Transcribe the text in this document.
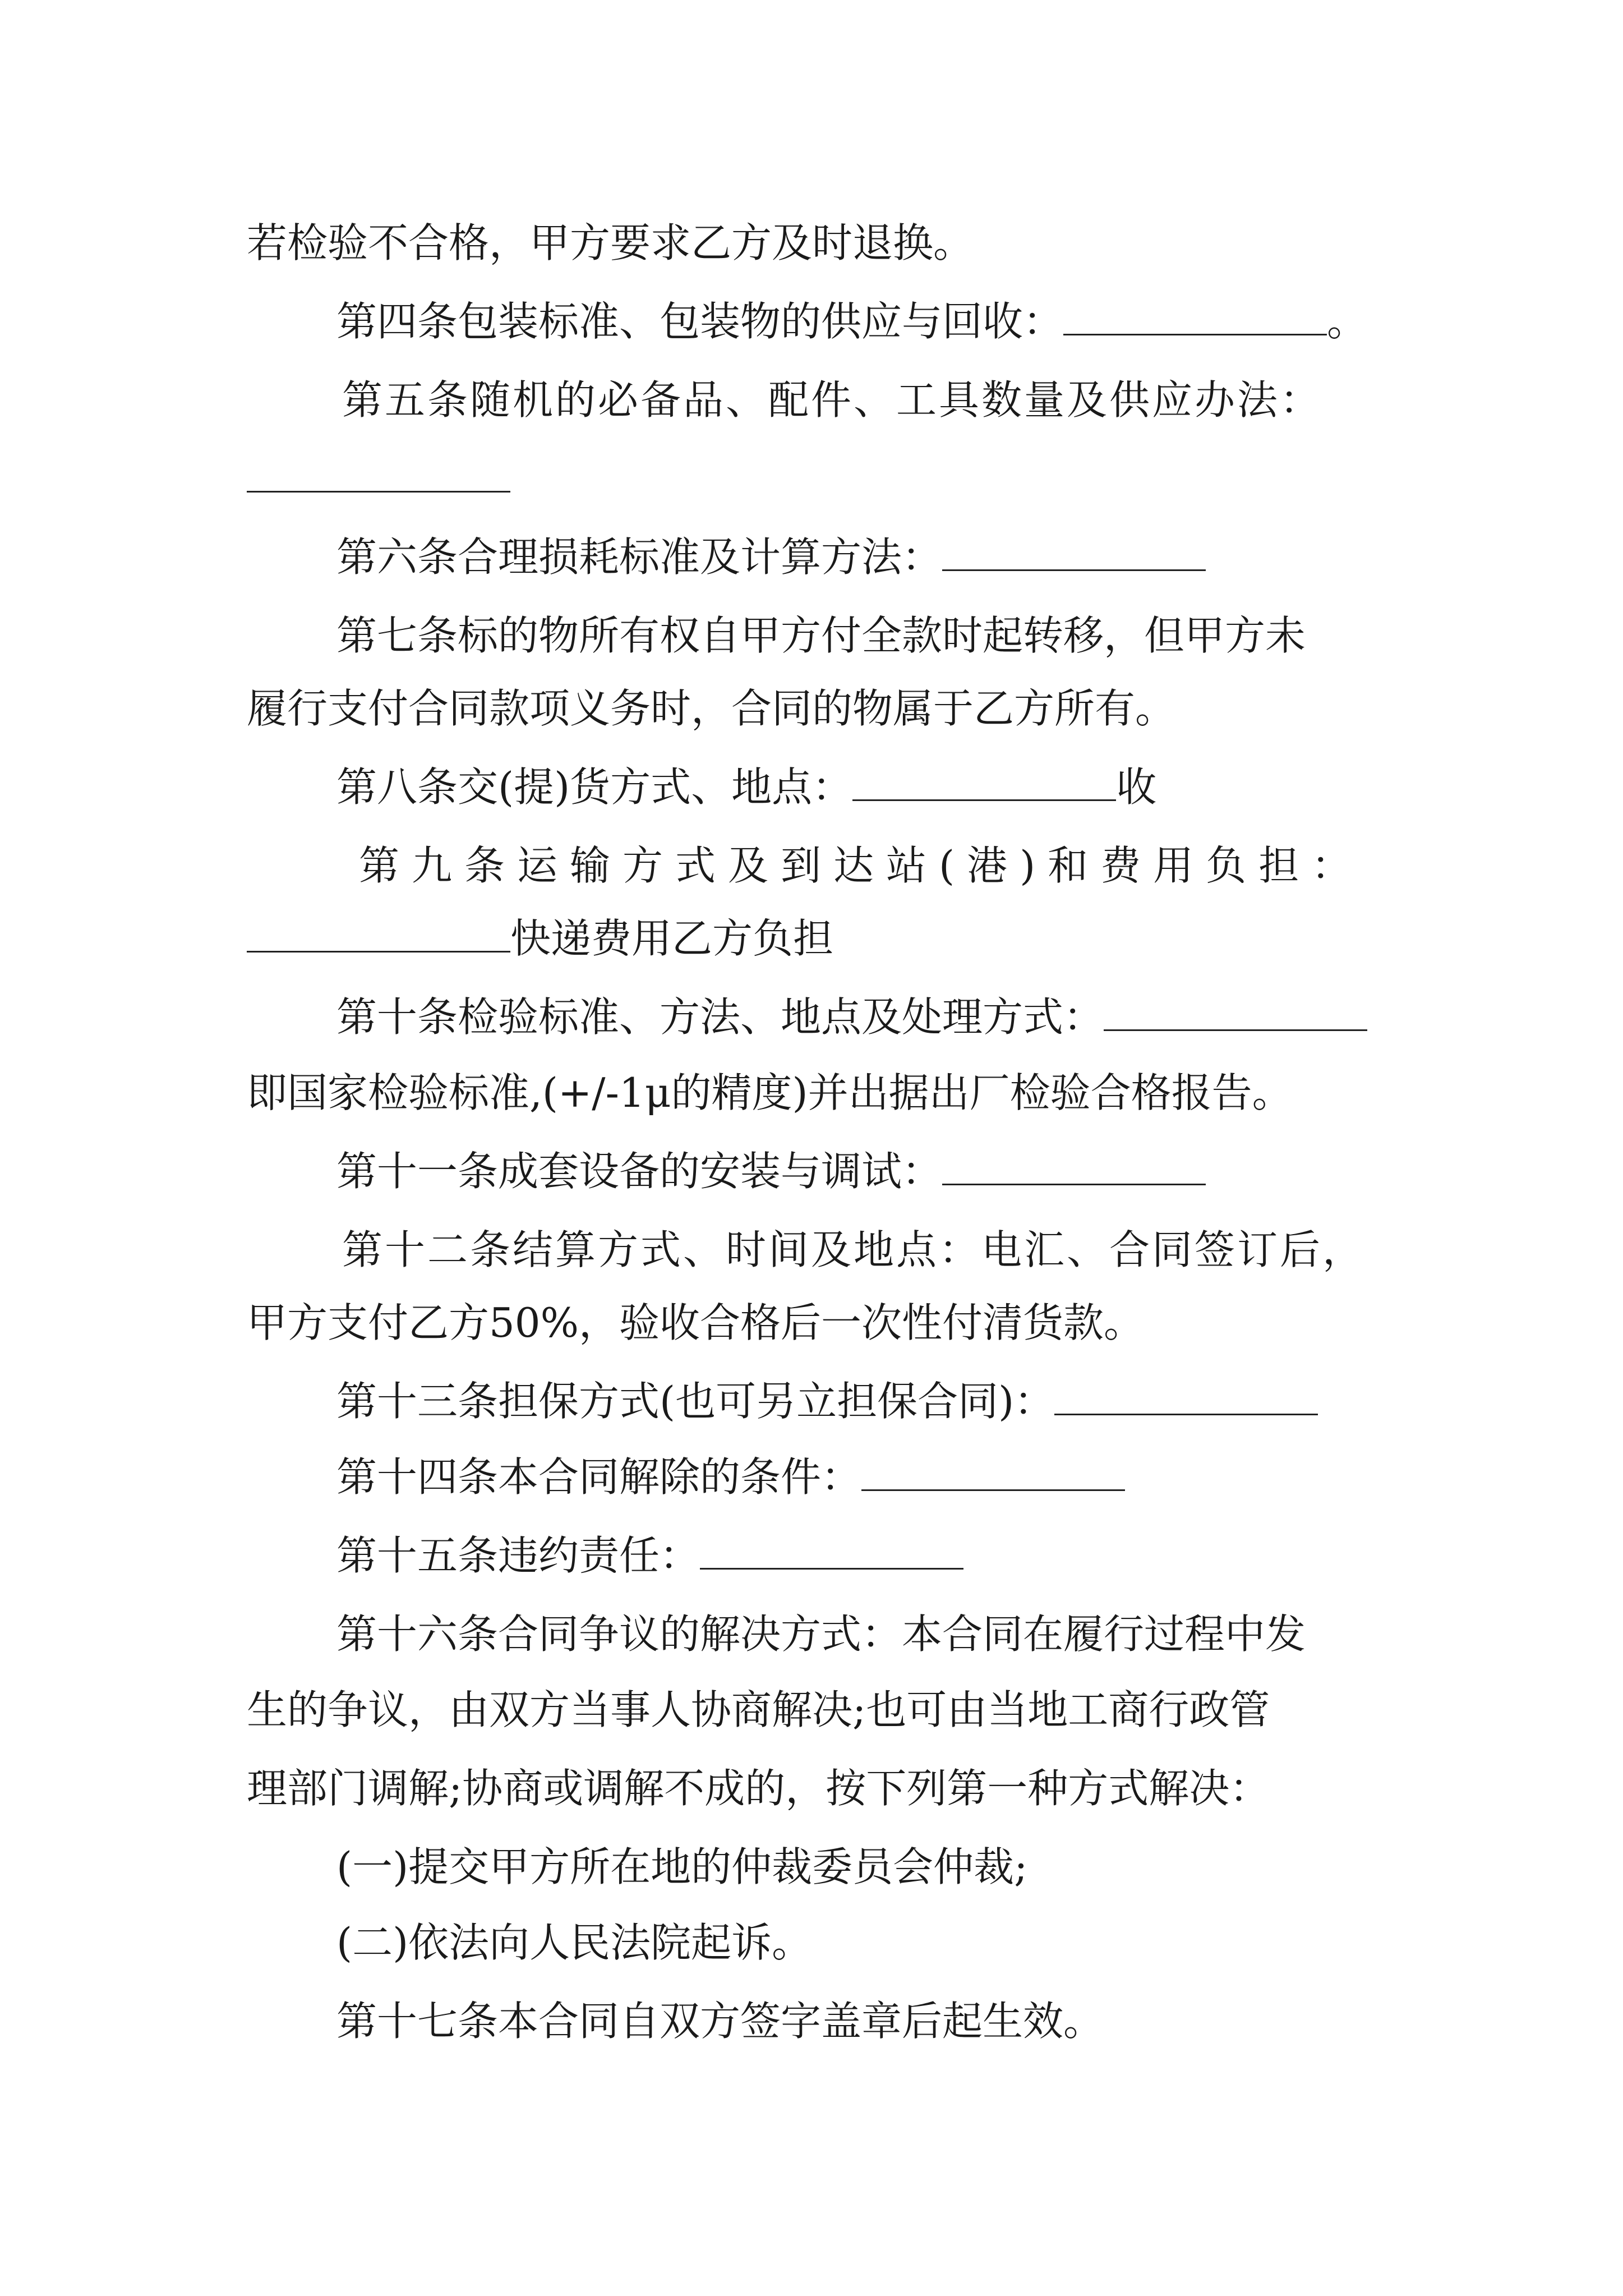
若检验不合格，甲方要求乙方及时退换。
第四条包装标准、包装物的供应与回收：	。
第五条随机的必备品、配件、工具数量及供应办法：
第六条合理损耗标准及计算方法：
第七条标的物所有权自甲方付全款时起转移，但甲方未
履行支付合同款项义务时，合同的物属于乙方所有。
第八条交(提)货方式、地点：	收
第九条运输方式及到达站(港)和费用负担：
快递费用乙方负担
第十条检验标准、方法、地点及处理方式：
即国家检验标准,(+/-1μ的精度)并出据出厂检验合格报告。
第十一条成套设备的安装与调试：
第十二条结算方式、时间及地点：电汇、合同签订后，
甲方支付乙方50%，验收合格后一次性付清货款。
第十三条担保方式(也可另立担保合同)：
第十四条本合同解除的条件：
第十五条违约责任：
第十六条合同争议的解决方式：本合同在履行过程中发
生的争议，由双方当事人协商解决;也可由当地工商行政管
理部门调解;协商或调解不成的，按下列第一种方式解决：
(一)提交甲方所在地的仲裁委员会仲裁;
(二)依法向人民法院起诉。
第十七条本合同自双方签字盖章后起生效。
